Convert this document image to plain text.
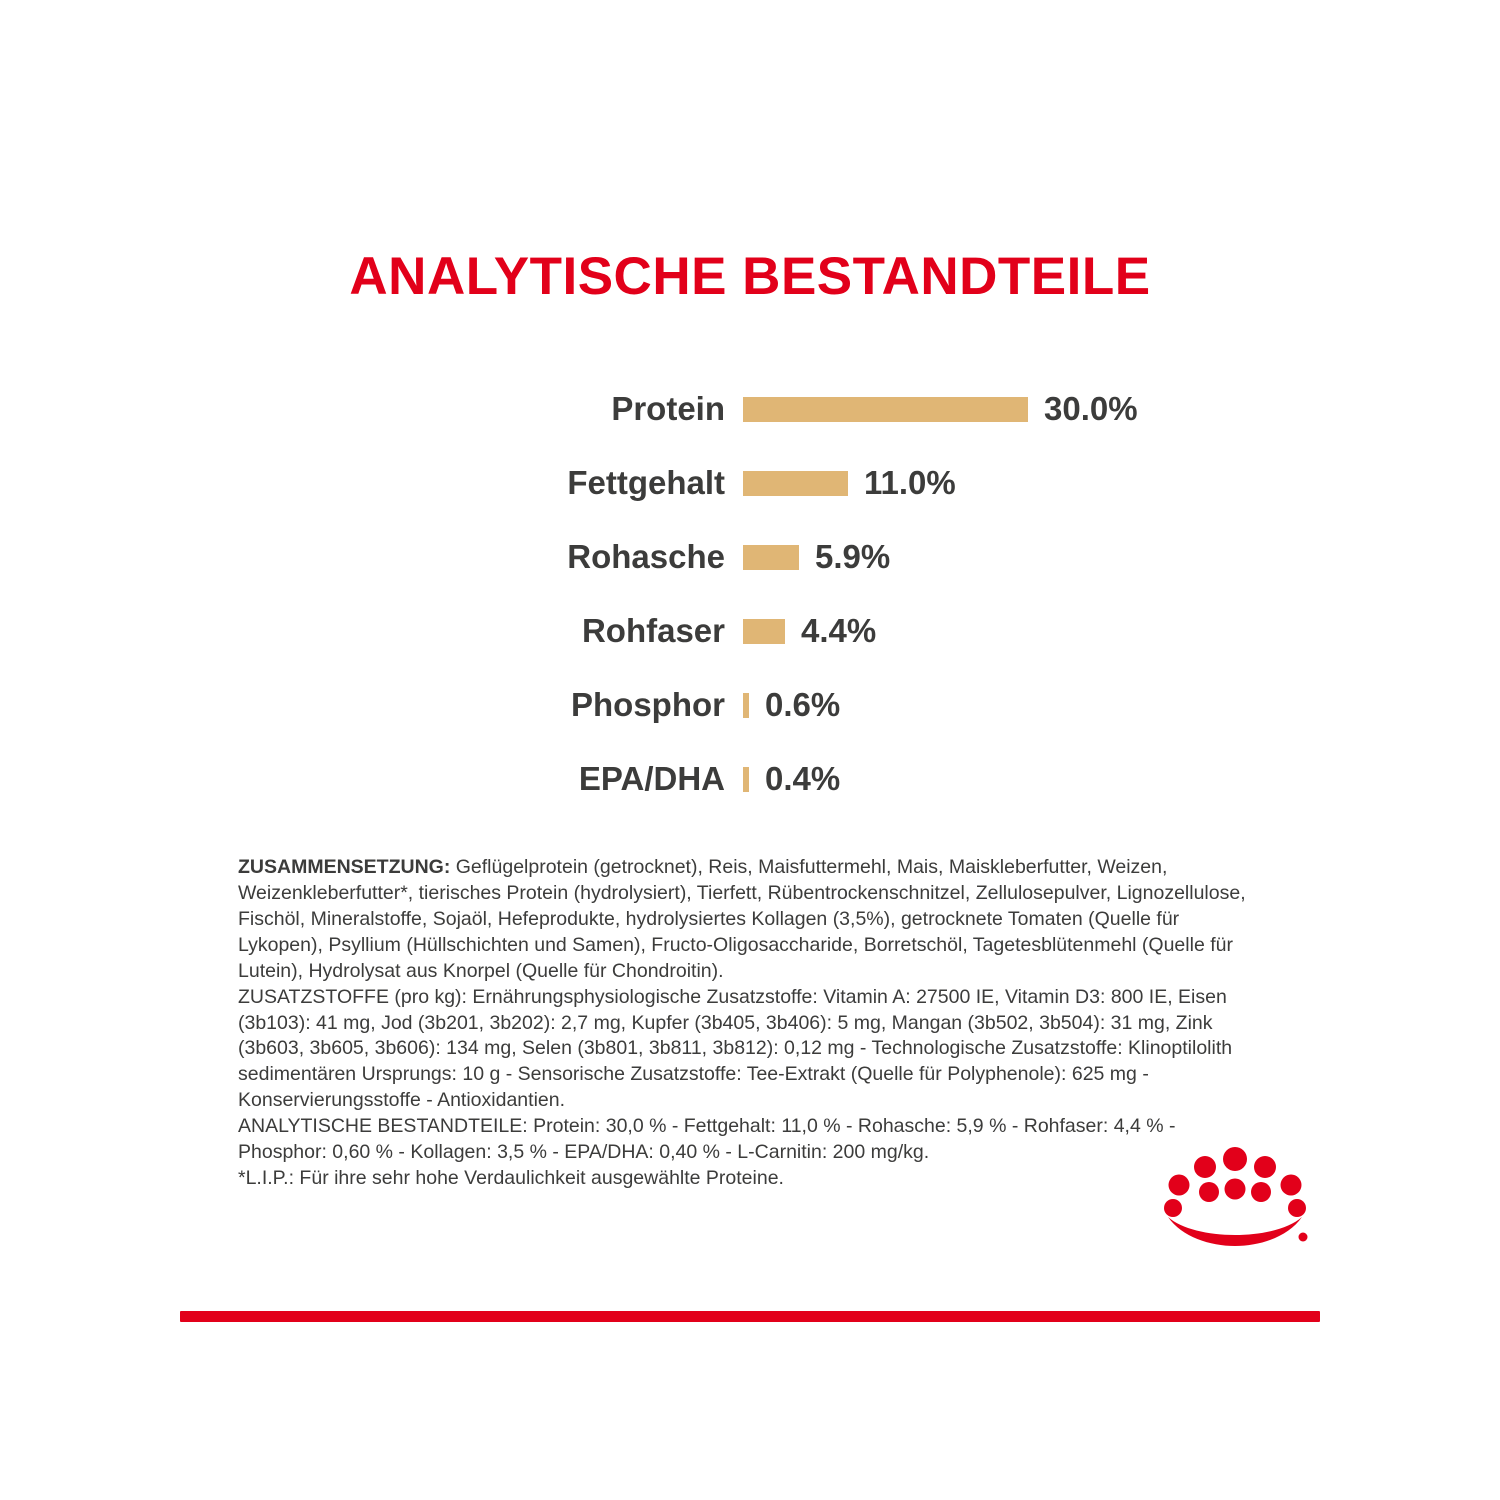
ANALYTISCHE BESTANDTEILE
Protein	30.0%
Fettgehalt	11.0%
Rohasche	5.9%
Rohfaser	4.4%
Phosphor	0.6%
EPA/DHA	0.4%

ZUSAMMENSETZUNG: Geflügelprotein (getrocknet), Reis, Maisfuttermehl, Mais, Maiskleberfutter, Weizen, Weizenkleberfutter*, tierisches Protein (hydrolysiert), Tierfett, Rübentrockenschnitzel, Zellulosepulver, Lignozellulose, Fischöl, Mineralstoffe, Sojaöl, Hefeprodukte, hydrolysiertes Kollagen (3,5%), getrocknete Tomaten (Quelle für Lykopen), Psyllium (Hüllschichten und Samen), Fructo-Oligosaccharide, Borretschöl, Tagetesblütenmehl (Quelle für Lutein), Hydrolysat aus Knorpel (Quelle für Chondroitin).

ZUSATZSTOFFE (pro kg): Ernährungsphysiologische Zusatzstoffe: Vitamin A: 27500 IE, Vitamin D3: 800 IE, Eisen (3b103): 41 mg, Jod (3b201, 3b202): 2,7 mg, Kupfer (3b405, 3b406): 5 mg, Mangan (3b502, 3b504): 31 mg, Zink (3b603, 3b605, 3b606): 134 mg, Selen (3b801, 3b811, 3b812): 0,12 mg - Technologische Zusatzstoffe: Klinoptilolith sedimentären Ursprungs: 10 g - Sensorische Zusatzstoffe: Tee-Extrakt (Quelle für Polyphenole): 625 mg - Konservierungsstoffe - Antioxidantien.

ANALYTISCHE BESTANDTEILE: Protein: 30,0 % - Fettgehalt: 11,0 % - Rohasche: 5,9 % - Rohfaser: 4,4 % - Phosphor: 0,60 % - Kollagen: 3,5 % - EPA/DHA: 0,40 % - L-Carnitin: 200 mg/kg.

*L.I.P.: Für ihre sehr hohe Verdaulichkeit ausgewählte Proteine.
